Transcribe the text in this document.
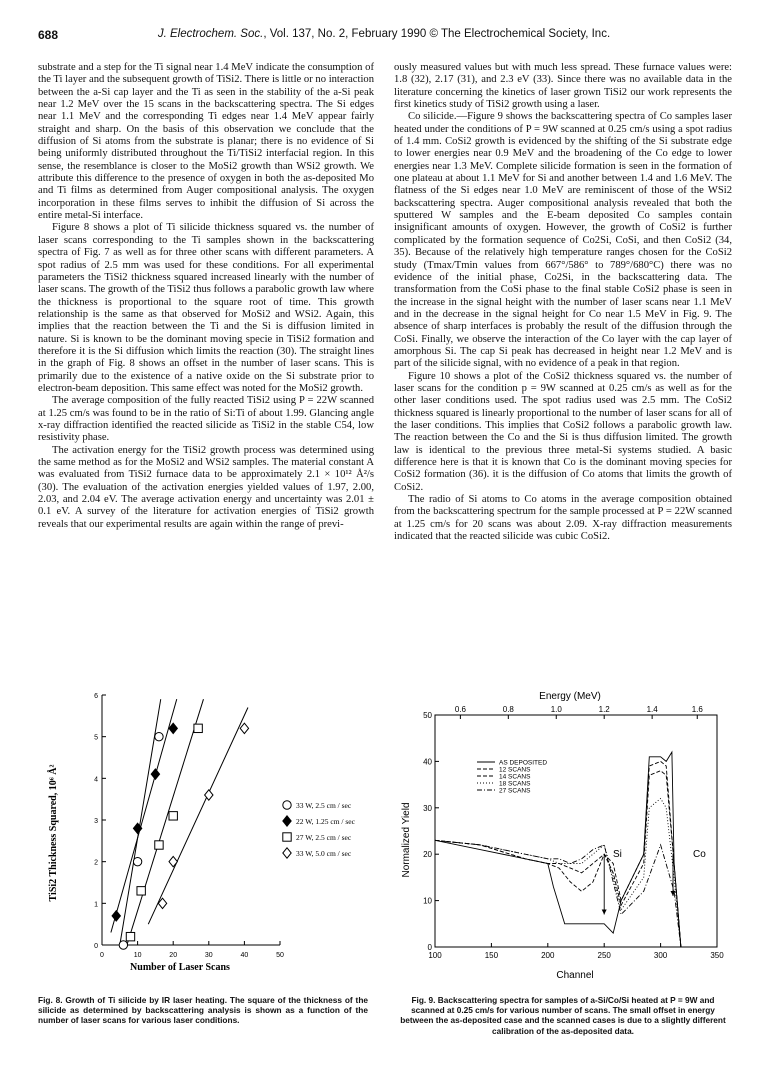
688	J. Electrochem. Soc., Vol. 137, No. 2, February 1990 © The Electrochemical Society, Inc.

substrate and a step for the Ti signal near 1.4 MeV indicate the consumption of the Ti layer and the subsequent growth of TiSi2. There is little or no interaction between the a-Si cap layer and the Ti as seen in the stability of the a-Si peak near 1.2 MeV over the 15 scans in the backscattering spectra. The Si edges near 1.1 MeV and the corresponding Ti edges near 1.4 MeV appear fairly straight and sharp. On the basis of this observation we conclude that the diffusion of Si atoms from the substrate is planar; there is no evidence of Si being uniformly distributed throughout the Ti/TiSi2 interfacial region. In this sense, the resemblance is closer to the MoSi2 growth than WSi2 growth. We attribute this difference to the presence of oxygen in both the as-deposited Mo and Ti films as determined from Auger compositional analysis. The oxygen incorporation in these films serves to inhibit the diffusion of Si across the entire metal-Si interface.

Figure 8 shows a plot of Ti silicide thickness squared vs. the number of laser scans corresponding to the Ti samples shown in the backscattering spectra of Fig. 7 as well as for three other scans with different parameters. A spot radius of 2.5 mm was used for these conditions. For all experimental parameters the TiSi2 thickness squared increased linearly with the number of laser scans. The growth of the TiSi2 thus follows a parabolic growth law where the thickness is proportional to the square root of time. This growth relationship is the same as that observed for MoSi2 and WSi2. Again, this implies that the reaction between the Ti and the Si is diffusion limited in nature. Si is known to be the dominant moving specie in TiSi2 formation and therefore it is the Si diffusion which limits the reaction (30). The straight lines in the graph of Fig. 8 shows an offset in the number of laser scans. This is primarily due to the existence of a native oxide on the Si substrate prior to electron-beam deposition. This same effect was noted for the MoSi2 growth.

The average composition of the fully reacted TiSi2 using P = 22W scanned at 1.25 cm/s was found to be in the ratio of Si:Ti of about 1.99. Glancing angle x-ray diffraction identified the reacted silicide as TiSi2 in the stable C54, low resistivity phase.

The activation energy for the TiSi2 growth process was determined using the same method as for the MoSi2 and WSi2 samples. The material constant A was evaluated from TiSi2 furnace data to be approximately 2.1 × 10¹² Å²/s (30). The evaluation of the activation energies yielded values of 1.97, 2.00, 2.03, and 2.04 eV. The average activation energy and uncertainty was 2.01 ± 0.1 eV. A survey of the literature for activation energies of TiSi2 growth reveals that our experimental results are again within the range of previ-

ously measured values but with much less spread. These furnace values were: 1.8 (32), 2.17 (31), and 2.3 eV (33). Since there was no available data in the literature concerning the kinetics of laser grown TiSi2 our work represents the first kinetics study of TiSi2 growth using a laser.

Co silicide.—Figure 9 shows the backscattering spectra of Co samples laser heated under the conditions of P = 9W scanned at 0.25 cm/s using a spot radius of 1.4 mm. CoSi2 growth is evidenced by the shifting of the Si substrate edge to lower energies near 0.9 MeV and the broadening of the Co edge to lower energies near 1.3 MeV. Complete silicide formation is seen in the formation of one plateau at about 1.1 MeV for Si and another between 1.4 and 1.6 MeV. The flatness of the Si edges near 1.0 MeV are reminiscent of those of the WSi2 backscattering spectra. Auger compositional analysis revealed that both the sputtered W samples and the E-beam deposited Co samples contain insignificant amounts of oxygen. However, the growth of CoSi2 is further complicated by the formation sequence of Co2Si, CoSi, and then CoSi2 (34, 35). Because of the relatively high temperature ranges chosen for the CoSi2 study (Tmax/Tmin values from 667°/586° to 789°/680°C) there was no evidence of the initial phase, Co2Si, in the backscattering data. The transformation from the CoSi phase to the final stable CoSi2 phase is seen in the increase in the signal height with the number of laser scans near 1.1 MeV and in the decrease in the signal height for Co near 1.5 MeV in Fig. 9. The absence of sharp interfaces is probably the result of the diffusion through the CoSi. Finally, we observe the interaction of the Co layer with the cap layer of amorphous Si. The cap Si peak has decreased in height near 1.2 MeV and is part of the silicide signal, with no evidence of a peak in that region.

Figure 10 shows a plot of the CoSi2 thickness squared vs. the number of laser scans for the condition p = 9W scanned at 0.25 cm/s as well as for the other laser conditions used. The spot radius used was 2.5 mm. The CoSi2 thickness squared is linearly proportional to the number of laser scans for all of the laser conditions. This implies that CoSi2 follows a parabolic growth law. The reaction between the Co and the Si is thus diffusion limited. The growth law is identical to the previous three metal-Si systems studied. A basic difference here is that it is known that Co is the dominant moving species for CoSi2 formation (36). it is the diffusion of Co atoms that limits the growth of CoSi2.

The radio of Si atoms to Co atoms in the average composition obtained from the backscattering spectrum for the sample processed at P = 22W scanned at 1.25 cm/s for 20 scans was about 2.09. X-ray diffraction measurements indicated that the reacted silicide was cubic CoSi2.

0	10	20	30	40	50
0
1
2
3
4
5
6
33 W, 2.5 cm / sec
22 W, 1.25 cm / sec
27 W, 2.5 cm / sec
33 W, 5.0 cm / sec
TiSi2 Thickness Squared, 10⁶ Å²
Number of Laser Scans
Fig. 8. Growth of Ti silicide by IR laser heating. The square of the thickness of the silicide as determined by backscattering analysis is shown as a function of the number of laser scans for various laser conditions.
Energy (MeV)
100	150	200	250	300	350
0
10
20
30
40
50
0.6	0.8	1.0	1.2	1.4	1.6
AS DEPOSITED
12 SCANS
14 SCANS
18 SCANS
27 SCANS
Normalized Yield
Channel
Si	Co
Fig. 9. Backscattering spectra for samples of a-Si/Co/Si heated at P = 9W and scanned at 0.25 cm/s for various number of scans. The small offset in energy between the as-deposited case and the scanned cases is due to a slightly different calibration of the as-deposited data.
